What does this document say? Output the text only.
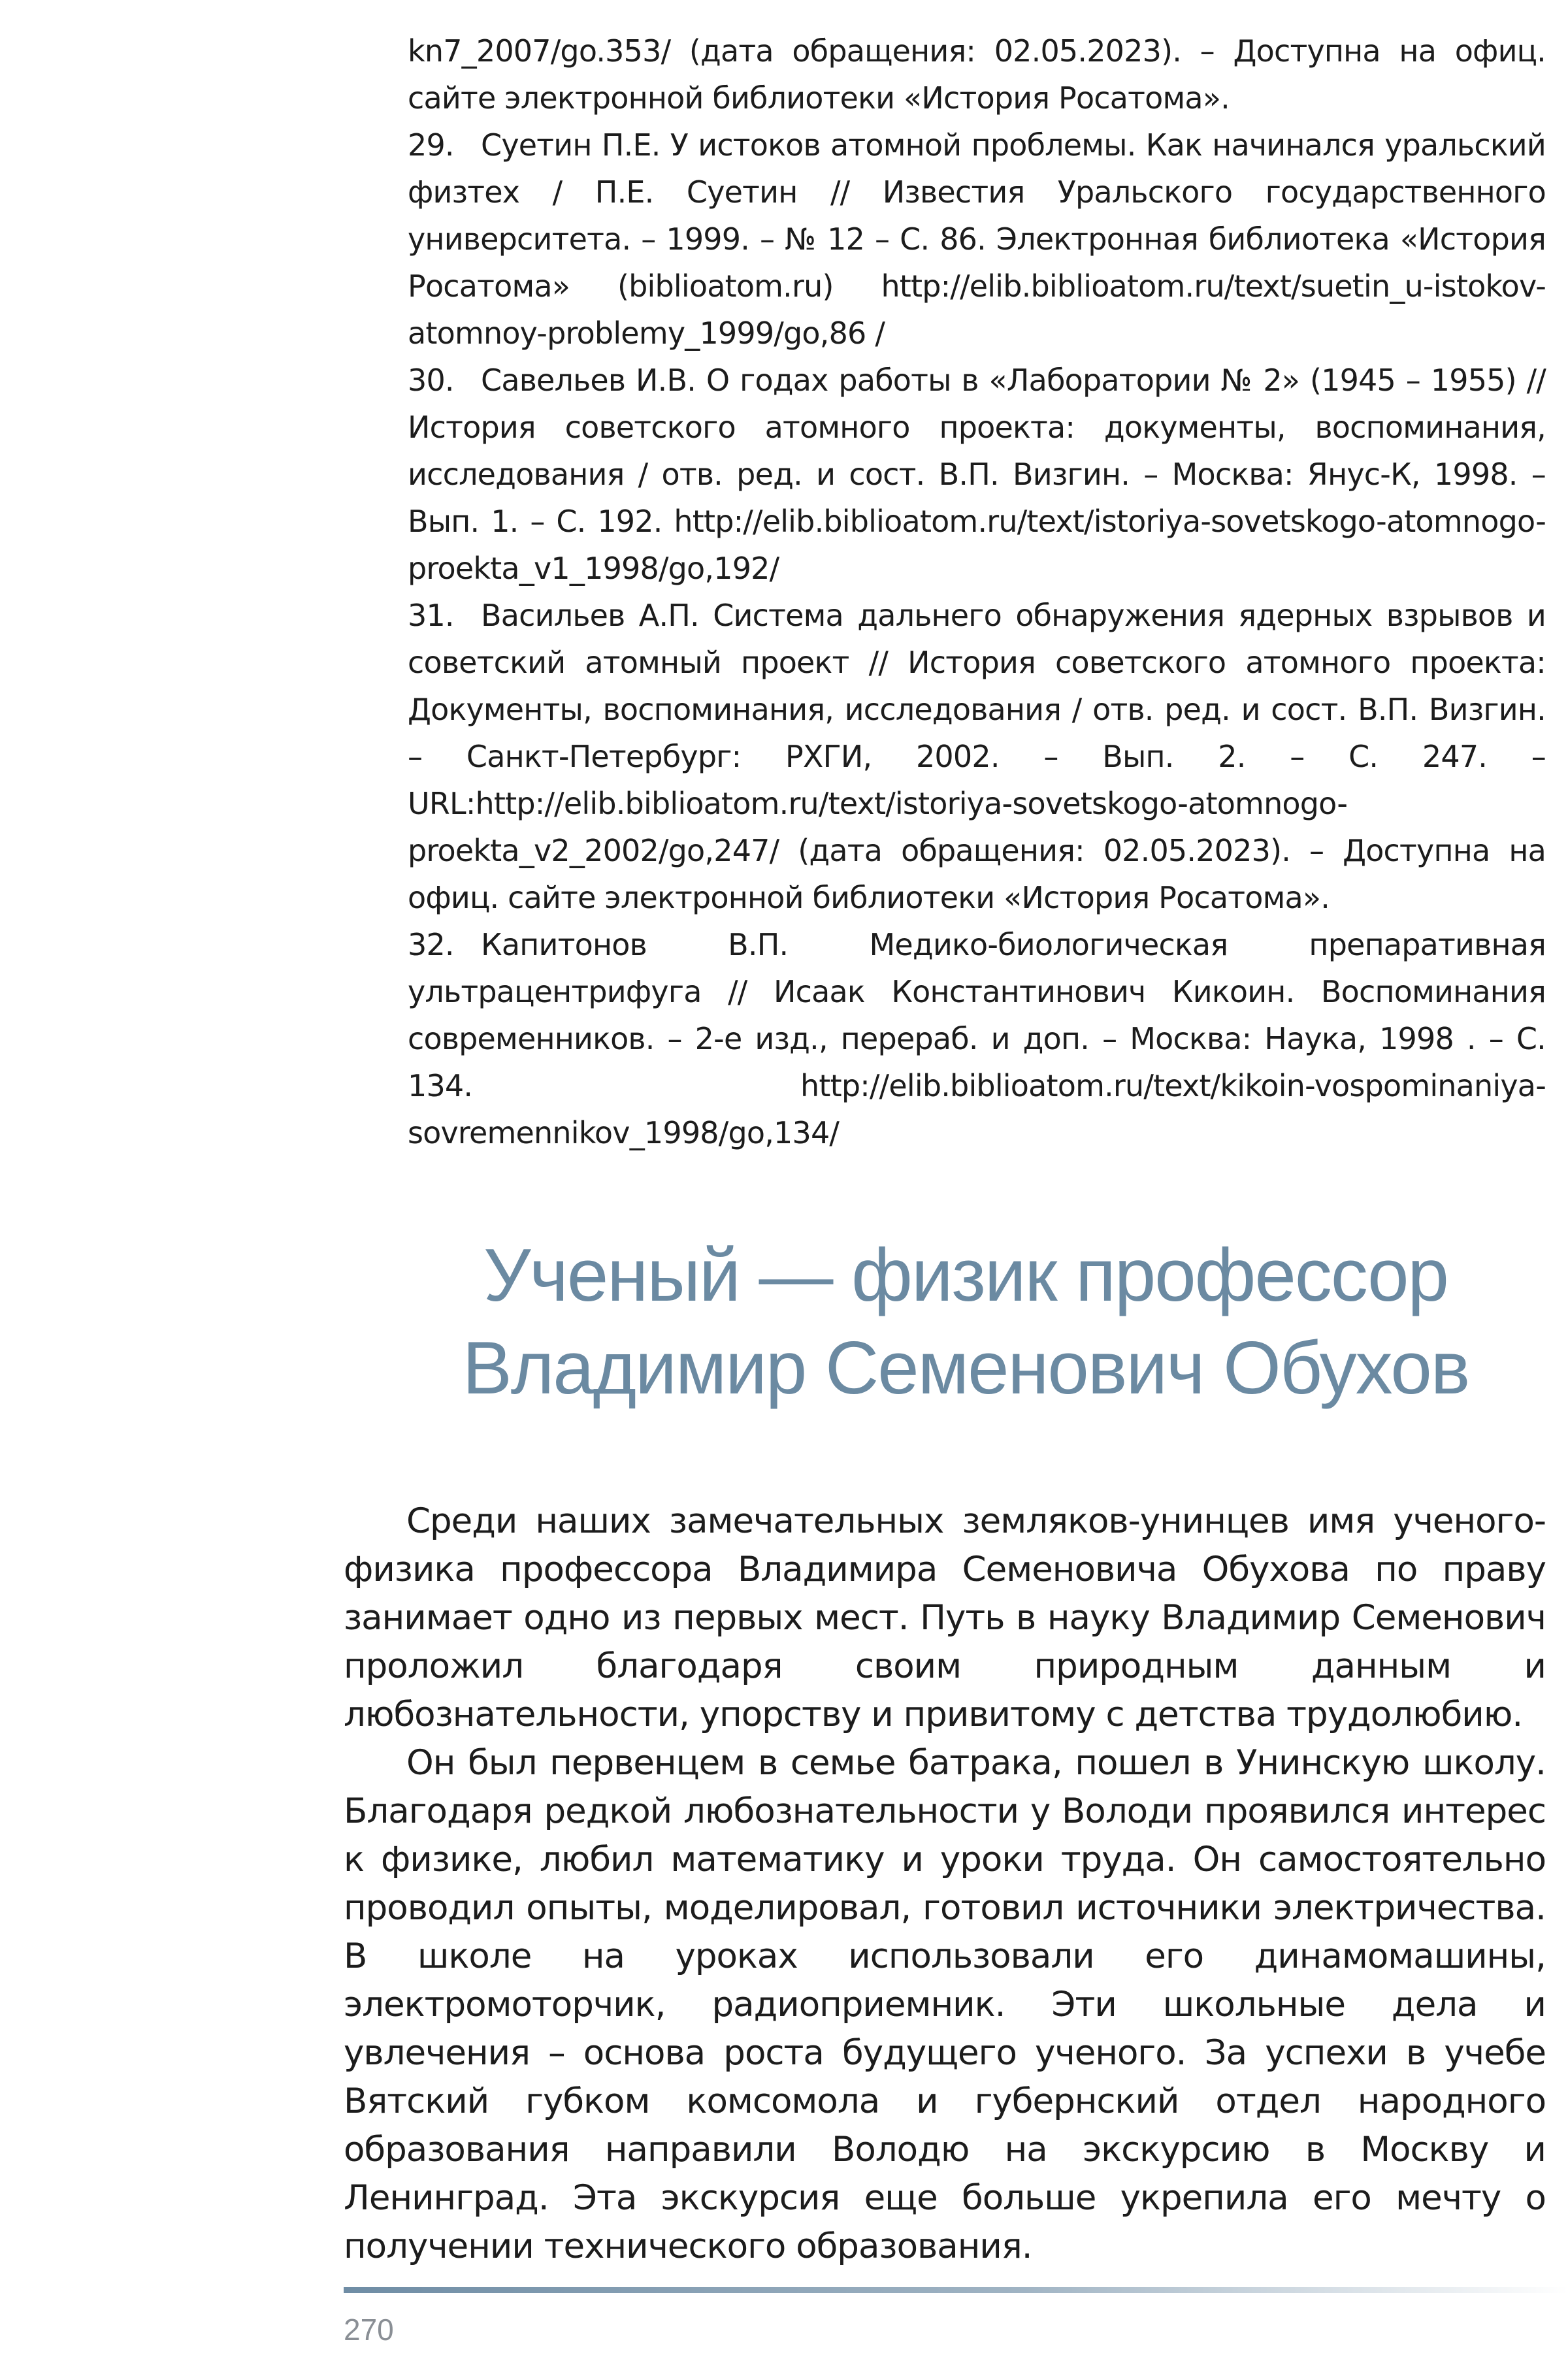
kn7_2007/go.353/ (дата обращения: 02.05.2023). – Доступна на офиц. сайте электронной библиотеки «История Росатома».

29. Суетин П.Е. У истоков атомной проблемы. Как начинался уральский физтех / П.Е. Суетин // Известия Уральского государственного университета. – 1999. – № 12 – С. 86. Электронная библиотека «История Росатома» (biblioatom.ru) http://elib.biblioatom.ru/text/suetin_u-istokov-atomnoy-problemy_1999/go,86 /

30. Савельев И.В. О годах работы в «Лаборатории № 2» (1945 – 1955) // История советского атомного проекта: документы, воспоминания, исследования / отв. ред. и сост. В.П. Визгин. – Москва: Янус-К, 1998. – Вып. 1. – С. 192. http://elib.biblioatom.ru/text/istoriya-sovetskogo-atomnogo-proekta_v1_1998/go,192/

31. Васильев А.П. Система дальнего обнаружения ядерных взрывов и советский атомный проект // История советского атомного проекта: Документы, воспоминания, исследования / отв. ред. и сост. В.П. Визгин. – Санкт-Петербург: РХГИ, 2002. – Вып. 2. – С. 247. – URL:http://elib.biblioatom.ru/text/istoriya-sovetskogo-atomnogo-proekta_v2_2002/go,247/ (дата обращения: 02.05.2023). – Доступна на офиц. сайте электронной библиотеки «История Росатома».

32. Капитонов В.П. Медико-биологическая препаративная ультрацентрифуга // Исаак Константинович Кикоин. Воспоминания современников. – 2-е изд., перераб. и доп. – Москва: Наука, 1998 . – С. 134. http://elib.biblioatom.ru/text/kikoin-vospominaniya-sovremennikov_1998/go,134/

Ученый — физик профессор
Владимир Семенович Обухов

Среди наших замечательных земляков-унинцев имя ученого-физика профессора Владимира Семеновича Обухова по праву занимает одно из первых мест. Путь в науку Владимир Семенович проложил благодаря своим природным данным и любознательности, упорству и привитому с детства трудолюбию.

Он был первенцем в семье батрака, пошел в Унинскую школу. Благодаря редкой любознательности у Володи проявился интерес к физике, любил математику и уроки труда. Он самостоятельно проводил опыты, моделировал, готовил источники электричества. В школе на уроках использовали его динамомашины, электромоторчик, радиоприемник. Эти школьные дела и увлечения – основа роста будущего ученого. За успехи в учебе Вятский губком комсомола и губернский отдел народного образования направили Володю на экскурсию в Москву и Ленинград. Эта экскурсия еще больше укрепила его мечту о получении технического образования.

270
